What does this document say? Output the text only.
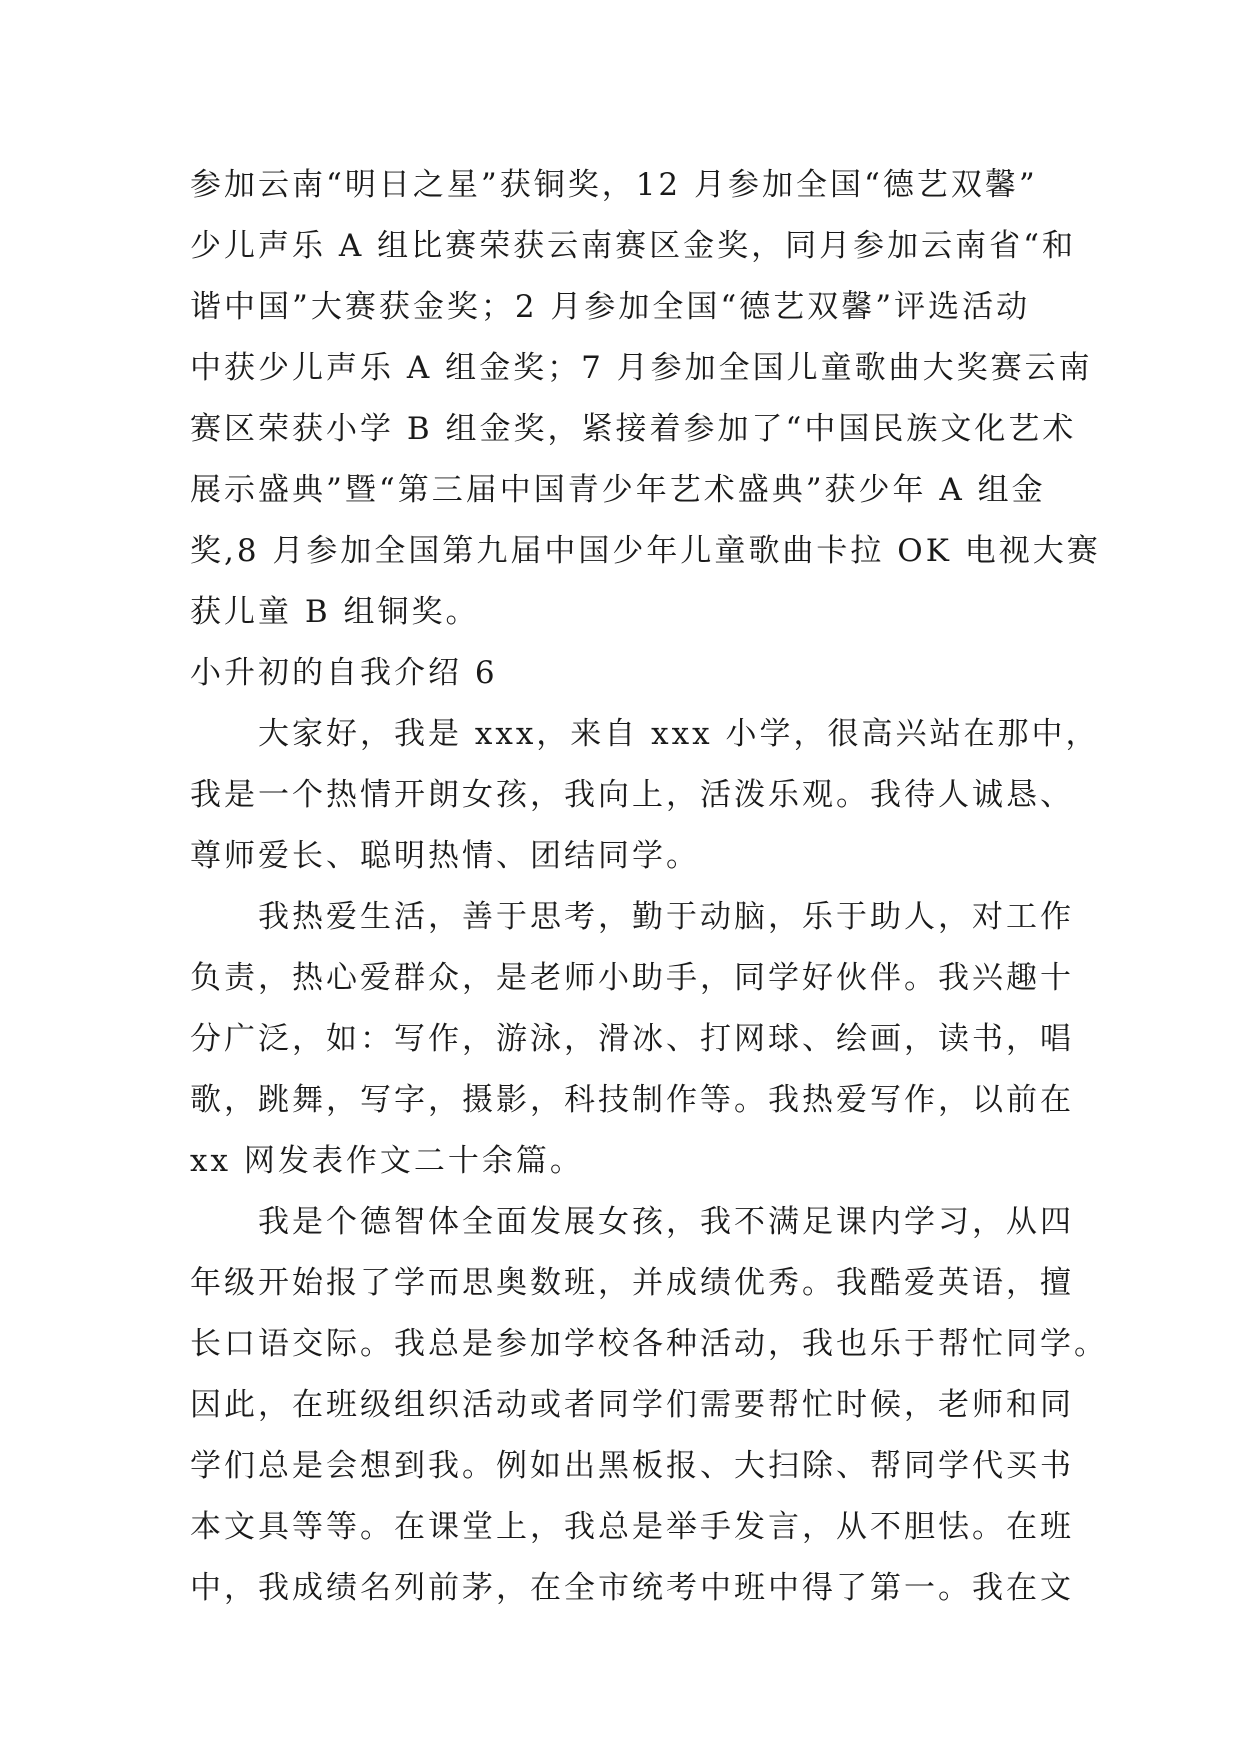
参加云南“明日之星”获铜奖，12 月参加全国“德艺双馨”
少儿声乐 A 组比赛荣获云南赛区金奖，同月参加云南省“和
谐中国”大赛获金奖；2 月参加全国“德艺双馨”评选活动
中获少儿声乐 A 组金奖；7 月参加全国儿童歌曲大奖赛云南
赛区荣获小学 B 组金奖，紧接着参加了“中国民族文化艺术
展示盛典”暨“第三届中国青少年艺术盛典”获少年 A 组金
奖,8 月参加全国第九届中国少年儿童歌曲卡拉 OK 电视大赛
获儿童 B 组铜奖。
小升初的自我介绍 6
大家好，我是 xxx，来自 xxx 小学，很高兴站在那中，
我是一个热情开朗女孩，我向上，活泼乐观。我待人诚恳、
尊师爱长、聪明热情、团结同学。
我热爱生活，善于思考，勤于动脑，乐于助人，对工作
负责，热心爱群众，是老师小助手，同学好伙伴。我兴趣十
分广泛，如：写作，游泳，滑冰、打网球、绘画，读书，唱
歌，跳舞，写字，摄影，科技制作等。我热爱写作，以前在
xx 网发表作文二十余篇。
我是个德智体全面发展女孩，我不满足课内学习，从四
年级开始报了学而思奥数班，并成绩优秀。我酷爱英语，擅
长口语交际。我总是参加学校各种活动，我也乐于帮忙同学。
因此，在班级组织活动或者同学们需要帮忙时候，老师和同
学们总是会想到我。例如出黑板报、大扫除、帮同学代买书
本文具等等。在课堂上，我总是举手发言，从不胆怯。在班
中，我成绩名列前茅，在全市统考中班中得了第一。我在文
